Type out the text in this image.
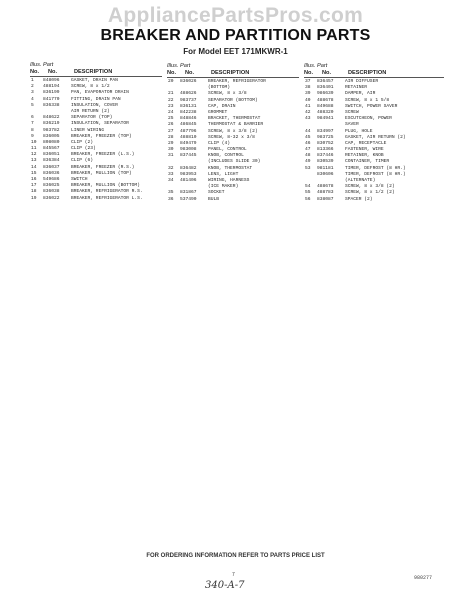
AppliancePartsPros.com
BREAKER AND PARTITION PARTS
For Model EET 171MKWR-1
Illus. Part
No. No.	DESCRIPTION
1	848096	GASKET, DRAIN PAN
2	488194	SCREW, 8 x 1/2
3	836199	PAN, EVAPORATOR DRAIN
4	841770	FITTING, DRAIN PAN
5	836338	INSULATION, COVER
AIR RETURN (2)
6	848622	SEPARATOR (TOP)
7	836219	INSULATION, SEPARATOR
8	983782	LINER WIRING
9	836005	BREAKER, FREEZER (TOP)
10	808080	CLIP (2)
11	845567	CLIP (23)
12	836051	BREAKER, FREEZER (L.S.)
13	836384	CLIP (6)
14	836037	BREAKER, FREEZER (R.S.)
15	836036	BREAKER, MULLION (TOP)
16	549686	SWITCH
17	836025	BREAKER, MULLION (BOTTOM)
18	836038	BREAKER, REFRIGERATOR R.S.
19	836022	BREAKER, REFRIGERATOR L.S.
Illus. Part
No. No.	DESCRIPTION
20	836026	BREAKER, REFRIGERATOR
(BOTTOM)
21	488626	SCREW, 8 x 3/8
22	983737	SEPARATOR (BOTTOM)
23	836131	CAP, DRAIN
24	842238	GROMMET
25	848846	BRACKET, THERMOSTAT
26	486845	THERMOSTAT & BARRIER
27	487796	SCREW, 8 x 3/8 (2)
28	488810	SCREW, 8-32 x 3/8
29	849479	CLIP (4)
30	983008	PANEL, CONTROL
31	837445	KNOB, CONTROL
(INCLUDES SLIDE 30)
32	836482	KNOB, THERMOSTAT
33	983953	LENS, LIGHT
34	481406	WIRING, HARNESS
(ICE MAKER)
35	831867	SOCKET
36	537490	BULB
Illus. Part
No. No.	DESCRIPTION
37	836457	AIR DIFFUSER
38	836401	RETAINER
39	986639	DAMPER, AIR
40	488678	SCREW, 8 x 1 5/8
41	849688	SWITCH, POWER SAVER
42	488320	SCREW
43	984941	ESCUTCHEON, POWER
SAVER
44	834997	PLUG, HOLE
45	983725	GASKET, AIR RETURN (2)
46	830752	CAP, RECEPTACLE
47	813366	FASTENER, WIRE
48	837446	RETAINER, KNOB
49	830539	CONTAINER, TIMER
53	981181	TIMER, DEFROST (8 HR.)
830606	TIMER, DEFROST (8 HR.)
(ALTERNATE)
54	488678	SCREW, 8 x 3/8 (2)
55	488783	SCREW, 8 x 1/2 (2)
56	838087	SPACER (2)
FOR ORDERING INFORMATION REFER TO PARTS PRICE LIST
7	980277
340-A-7
